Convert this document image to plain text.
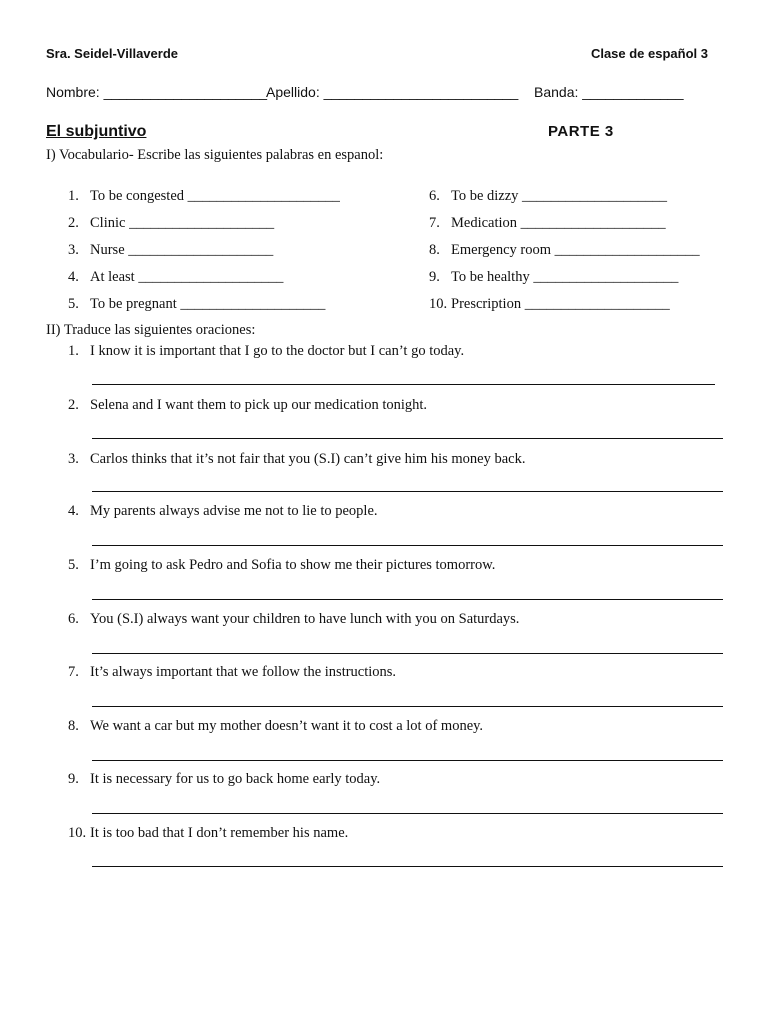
Sra. Seidel-Villaverde	Clase de español 3
Nombre: _____________________
Apellido: _________________________ Banda: _____________
El subjuntivo	PARTE 3
I) Vocabulario- Escribe las siguientes palabras en espanol:
1. To be congested _____________________
2. Clinic ____________________
3. Nurse ____________________
4. At least ____________________
5. To be pregnant ____________________
6. To be dizzy ____________________
7. Medication ____________________
8. Emergency room ____________________
9. To be healthy ____________________
10. Prescription ____________________
II) Traduce las siguientes oraciones:
1. I know it is important that I go to the doctor but I can’t go today.
2. Selena and I want them to pick up our medication tonight.
3. Carlos thinks that it’s not fair that you (S.I) can’t give him his money back.
4. My parents always advise me not to lie to people.
5. I’m going to ask Pedro and Sofia to show me their pictures tomorrow.
6. You (S.I) always want your children to have lunch with you on Saturdays.
7. It’s always important that we follow the instructions.
8. We want a car but my mother doesn’t want it to cost a lot of money.
9. It is necessary for us to go back home early today.
10. It is too bad that I don’t remember his name.
